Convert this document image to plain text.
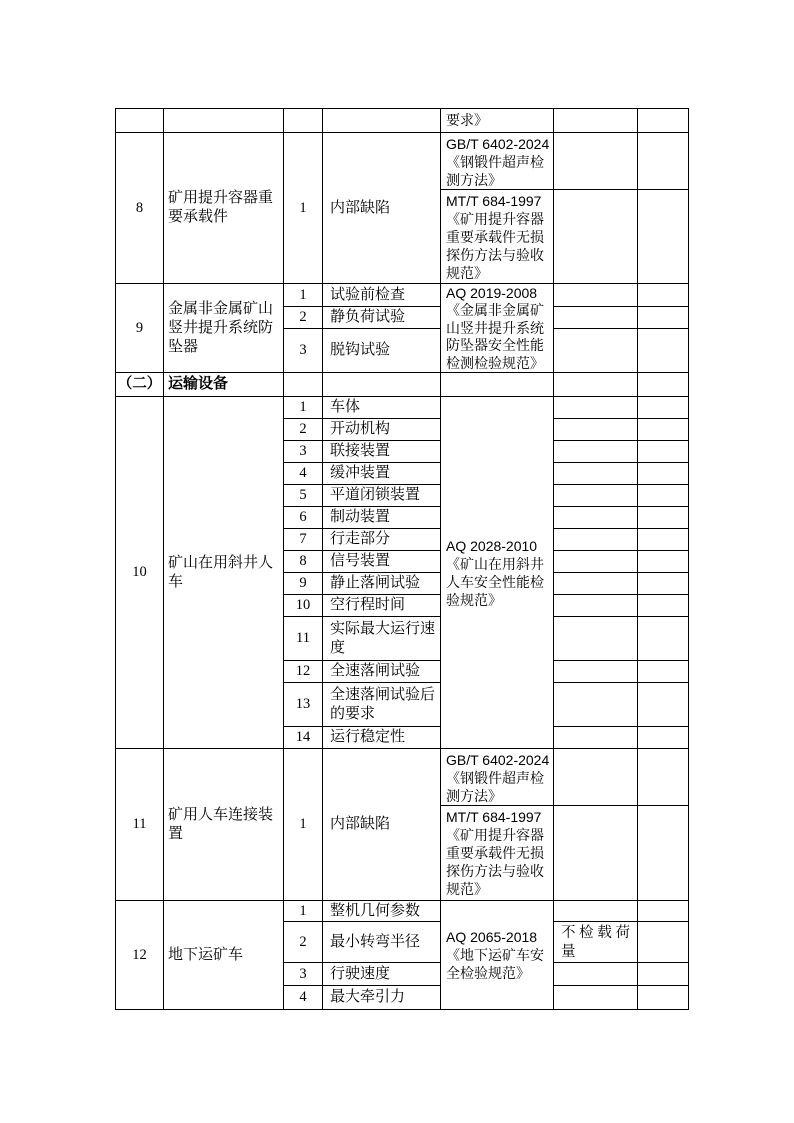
				要求》		
8	矿用提升容器重要承载件	1	内部缺陷	GB/T 6402-2024《钢锻件超声检测方法》		
				MT/T 684-1997《矿用提升容器重要承载件无损探伤方法与验收规范》		
9	金属非金属矿山竖井提升系统防坠器	1	试验前检查	AQ 2019-2008《金属非金属矿山竖井提升系统防坠器安全性能检测检验规范》		
		2	静负荷试验			
		3	脱钩试验			
（二）	运输设备					
10	矿山在用斜井人车	1	车体	AQ 2028-2010《矿山在用斜井人车安全性能检验规范》		
		2	开动机构			
		3	联接装置			
		4	缓冲装置			
		5	平道闭锁装置			
		6	制动装置			
		7	行走部分			
		8	信号装置			
		9	静止落闸试验			
		10	空行程时间			
		11	实际最大运行速度			
		12	全速落闸试验			
		13	全速落闸试验后的要求			
		14	运行稳定性			
11	矿用人车连接装置	1	内部缺陷	GB/T 6402-2024《钢锻件超声检测方法》		
				MT/T 684-1997《矿用提升容器重要承载件无损探伤方法与验收规范》		
12	地下运矿车	1	整机几何参数	AQ 2065-2018《地下运矿车安全检验规范》		
		2	最小转弯半径		不检载荷量	
		3	行驶速度			
		4	最大牵引力			
